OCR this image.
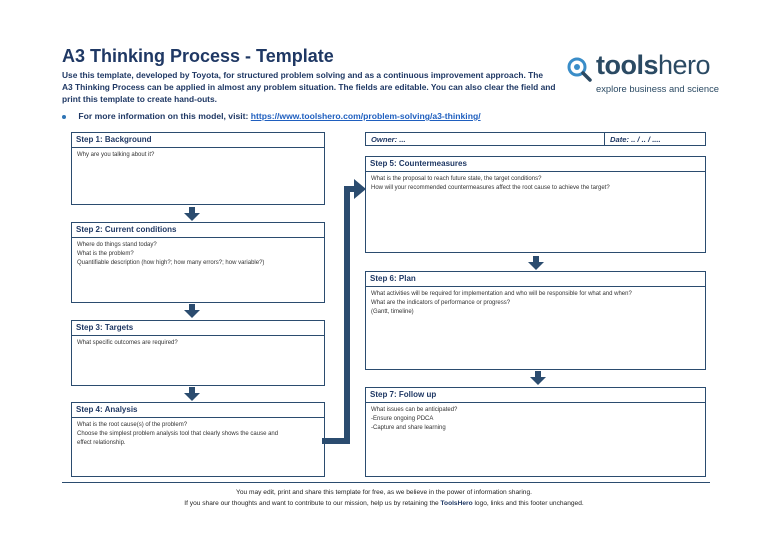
A3 Thinking Process - Template
Use this template, developed by Toyota, for structured problem solving and as a continuous improvement approach. The
A3 Thinking Process can be applied in almost any problem situation. The fields are editable. You can also clear the field and
print this template to create hand-outs.
For more information on this model, visit: https://www.toolshero.com/problem-solving/a3-thinking/
toolshero
explore business and science
Step 1: Background
Why are you talking about it?
Step 2: Current conditions
Where do things stand today?
What is the problem?
Quantifiable description (how high?; how many errors?; how variable?)
Step 3: Targets
What specific outcomes are required?
Step 4: Analysis
What is the root cause(s) of the problem?
Choose the simplest problem analysis tool that clearly shows the cause and
effect relationship.
Owner: ...	Date: .. / .. / ....
Step 5: Countermeasures
What is the proposal to reach future state, the target conditions?
How will your recommended countermeasures affect the root cause to achieve the target?
Step 6: Plan
What activities will be required for implementation and who will be responsible for what and when?
What are the indicators of performance or progress?
(Gantt, timeline)
Step 7: Follow up
What issues can be anticipated?
-Ensure ongoing PDCA
-Capture and share learning
You may edit, print and share this template for free, as we believe in the power of information sharing.
If you share our thoughts and want to contribute to our mission, help us by retaining the ToolsHero logo, links and this footer unchanged.
